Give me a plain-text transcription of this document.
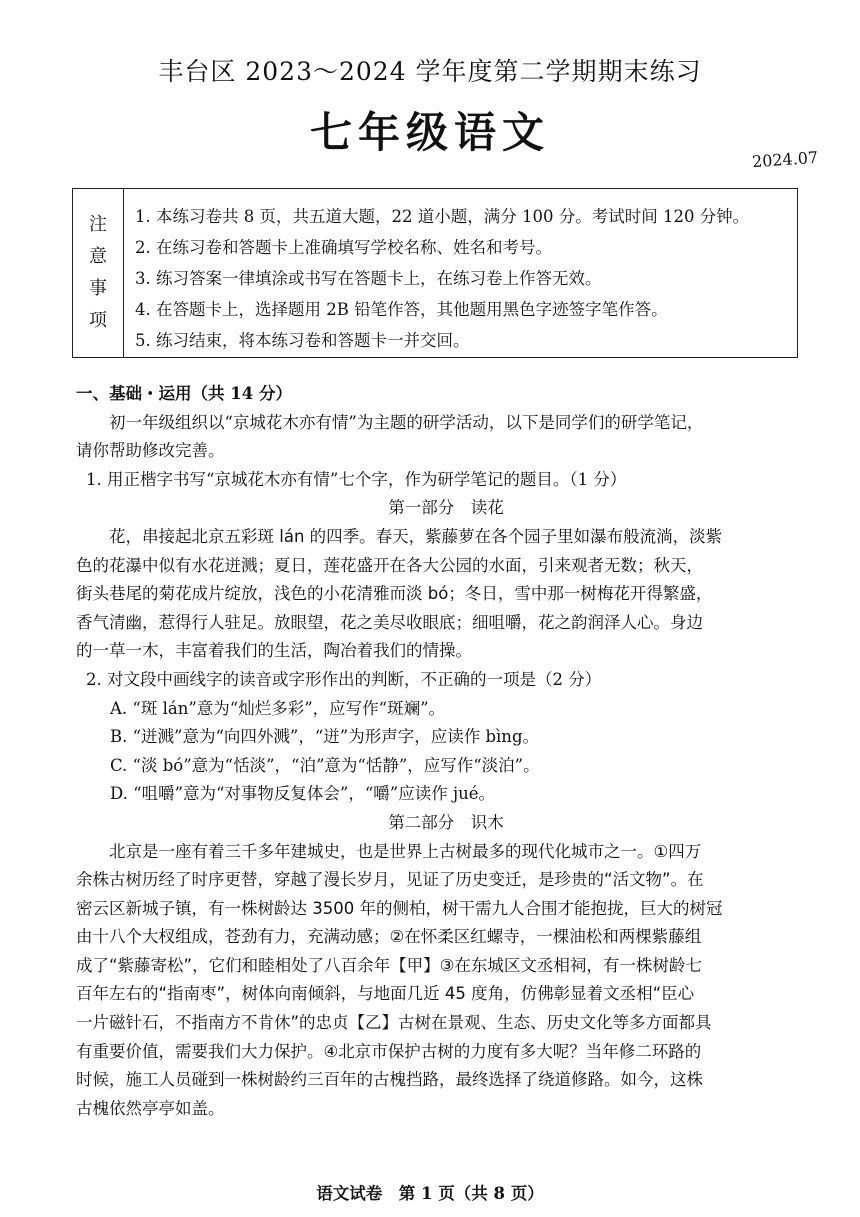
丰台区 2023～2024 学年度第二学期期末练习
七年级语文
2024.07
注
意
事
项
1. 本练习卷共 8 页，共五道大题，22 道小题，满分 100 分。考试时间 120 分钟。
2. 在练习卷和答题卡上准确填写学校名称、姓名和考号。
3. 练习答案一律填涂或书写在答题卡上，在练习卷上作答无效。
4. 在答题卡上，选择题用 2B 铅笔作答，其他题用黑色字迹签字笔作答。
5. 练习结束，将本练习卷和答题卡一并交回。
一、基础・运用（共 14 分）
初一年级组织以“京城花木亦有情”为主题的研学活动，以下是同学们的研学笔记，
请你帮助修改完善。
1. 用正楷字书写“京城花木亦有情”七个字，作为研学笔记的题目。（1 分）
第一部分　读花
花，串接起北京五彩斑 lán 的四季。春天，紫藤萝在各个园子里如瀑布般流淌，淡紫
色的花瀑中似有水花迸溅；夏日，莲花盛开在各大公园的水面，引来观者无数；秋天，
街头巷尾的菊花成片绽放，浅色的小花清雅而淡 bó；冬日，雪中那一树梅花开得繁盛，
香气清幽，惹得行人驻足。放眼望，花之美尽收眼底；细咀嚼，花之韵润泽人心。身边
的一草一木，丰富着我们的生活，陶冶着我们的情操。
2. 对文段中画线字的读音或字形作出的判断，不正确的一项是（2 分）
A. “斑 lán”意为“灿烂多彩”，应写作“斑斓”。
B. “迸溅”意为“向四外溅”，“迸”为形声字，应读作 bìng。
C. “淡 bó”意为“恬淡”，“泊”意为“恬静”，应写作“淡泊”。
D. “咀嚼”意为“对事物反复体会”，“嚼”应读作 jué。
第二部分　识木
北京是一座有着三千多年建城史，也是世界上古树最多的现代化城市之一。①四万
余株古树历经了时序更替，穿越了漫长岁月，见证了历史变迁，是珍贵的“活文物”。在
密云区新城子镇，有一株树龄达 3500 年的侧柏，树干需九人合围才能抱拢，巨大的树冠
由十八个大杈组成，苍劲有力，充满动感；②在怀柔区红螺寺，一棵油松和两棵紫藤组
成了“紫藤寄松”，它们和睦相处了八百余年【甲】③在东城区文丞相祠，有一株树龄七
百年左右的“指南枣”，树体向南倾斜，与地面几近 45 度角，仿佛彰显着文丞相“臣心
一片磁针石，不指南方不肯休”的忠贞【乙】古树在景观、生态、历史文化等多方面都具
有重要价值，需要我们大力保护。④北京市保护古树的力度有多大呢？当年修二环路的
时候，施工人员碰到一株树龄约三百年的古槐挡路，最终选择了绕道修路。如今，这株
古槐依然亭亭如盖。
语文试卷　第 1 页（共 8 页）
